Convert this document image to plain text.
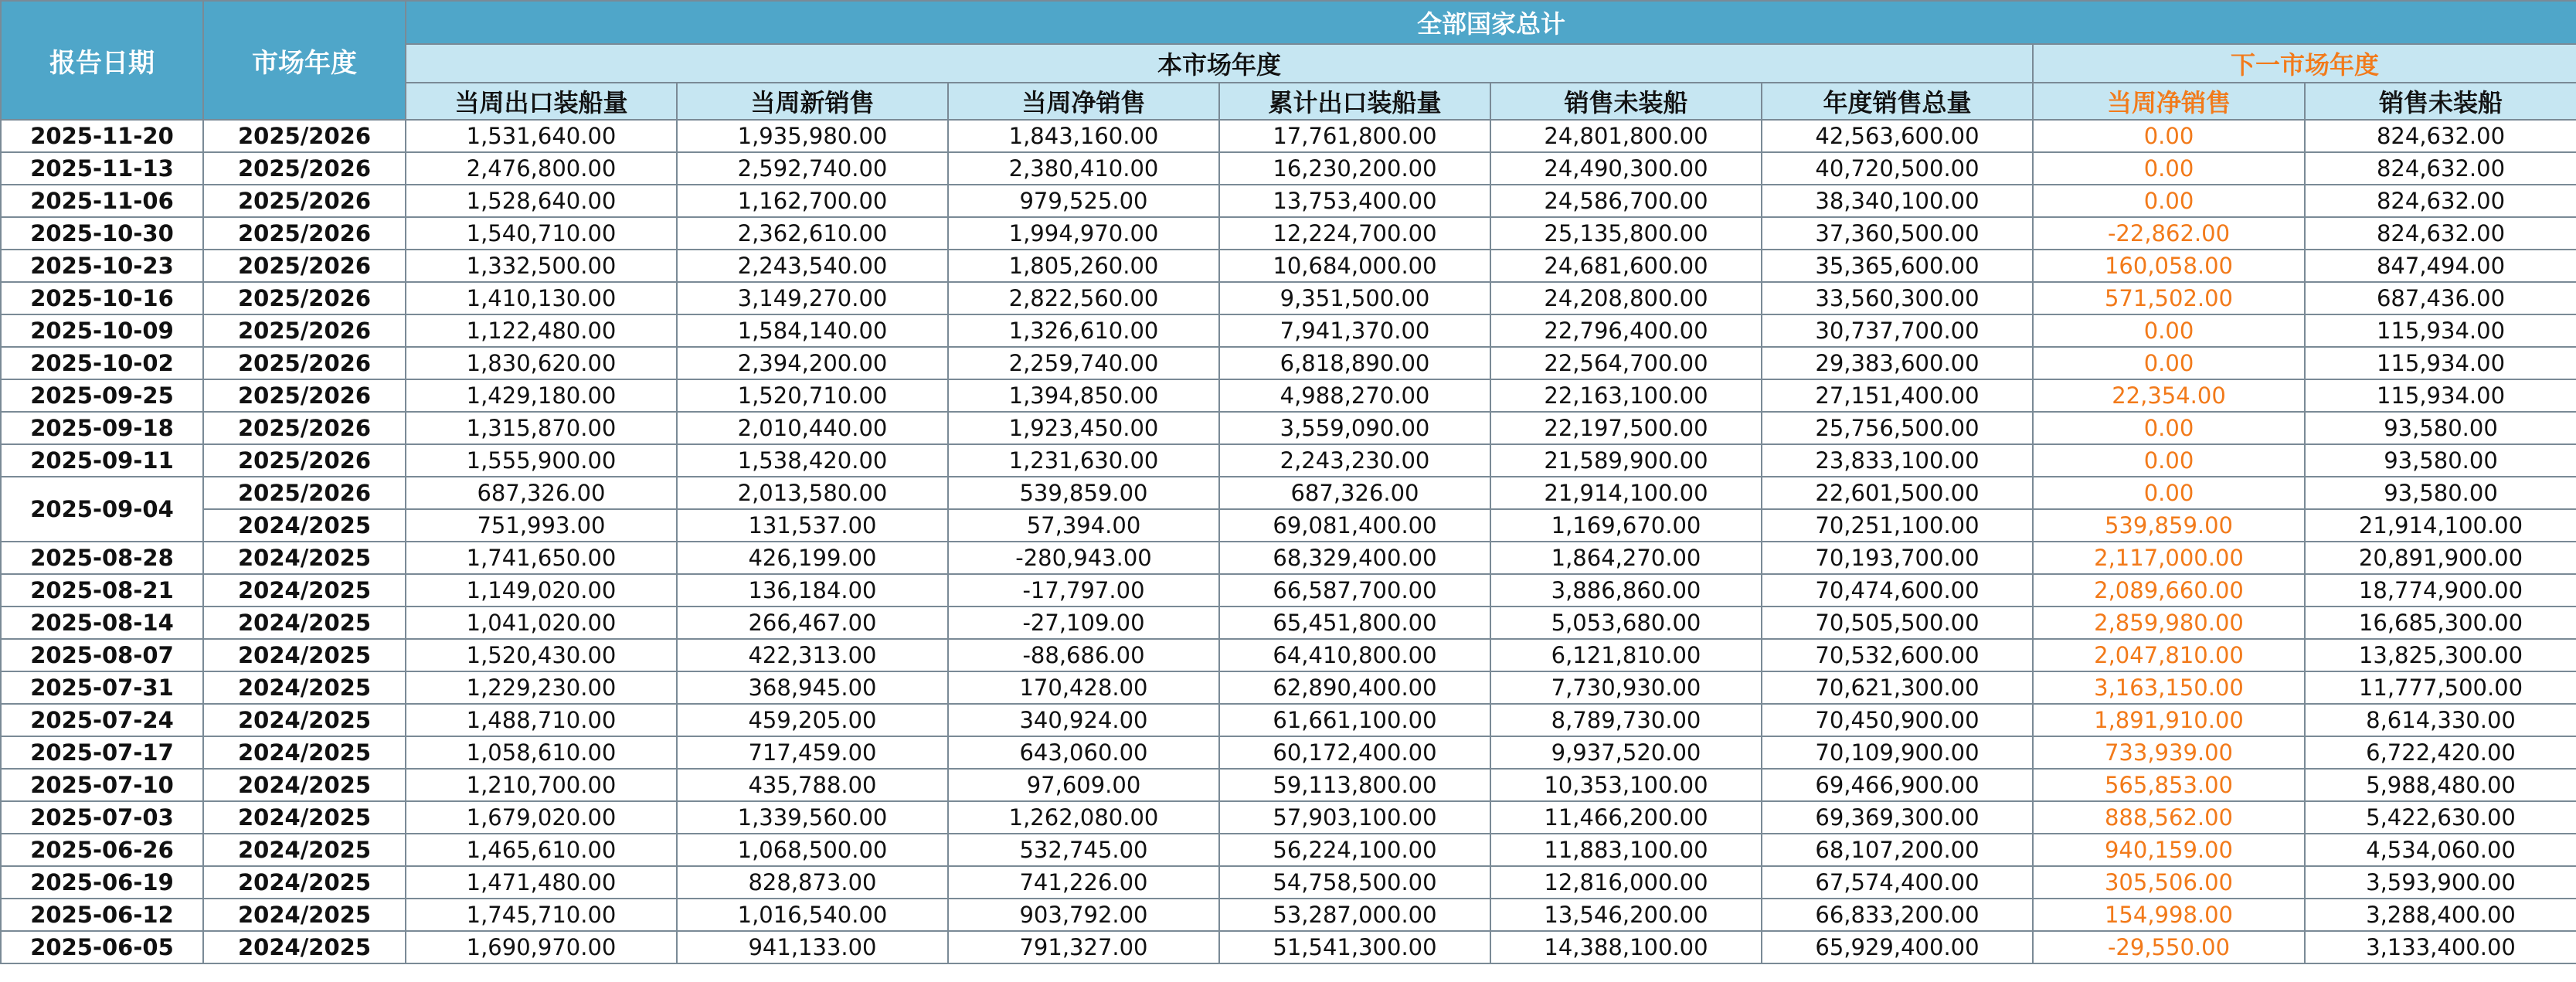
报告日期	市场年度	全部国家总计							
		本市场年度						下一市场年度	
		当周出口装船量	当周新销售	当周净销售	累计出口装船量	销售未装船	年度销售总量	当周净销售	销售未装船
2025-11-20	2025/2026	1,531,640.00	1,935,980.00	1,843,160.00	17,761,800.00	24,801,800.00	42,563,600.00	0.00	824,632.00
2025-11-13	2025/2026	2,476,800.00	2,592,740.00	2,380,410.00	16,230,200.00	24,490,300.00	40,720,500.00	0.00	824,632.00
2025-11-06	2025/2026	1,528,640.00	1,162,700.00	979,525.00	13,753,400.00	24,586,700.00	38,340,100.00	0.00	824,632.00
2025-10-30	2025/2026	1,540,710.00	2,362,610.00	1,994,970.00	12,224,700.00	25,135,800.00	37,360,500.00	-22,862.00	824,632.00
2025-10-23	2025/2026	1,332,500.00	2,243,540.00	1,805,260.00	10,684,000.00	24,681,600.00	35,365,600.00	160,058.00	847,494.00
2025-10-16	2025/2026	1,410,130.00	3,149,270.00	2,822,560.00	9,351,500.00	24,208,800.00	33,560,300.00	571,502.00	687,436.00
2025-10-09	2025/2026	1,122,480.00	1,584,140.00	1,326,610.00	7,941,370.00	22,796,400.00	30,737,700.00	0.00	115,934.00
2025-10-02	2025/2026	1,830,620.00	2,394,200.00	2,259,740.00	6,818,890.00	22,564,700.00	29,383,600.00	0.00	115,934.00
2025-09-25	2025/2026	1,429,180.00	1,520,710.00	1,394,850.00	4,988,270.00	22,163,100.00	27,151,400.00	22,354.00	115,934.00
2025-09-18	2025/2026	1,315,870.00	2,010,440.00	1,923,450.00	3,559,090.00	22,197,500.00	25,756,500.00	0.00	93,580.00
2025-09-11	2025/2026	1,555,900.00	1,538,420.00	1,231,630.00	2,243,230.00	21,589,900.00	23,833,100.00	0.00	93,580.00
2025-09-04	2025/2026	687,326.00	2,013,580.00	539,859.00	687,326.00	21,914,100.00	22,601,500.00	0.00	93,580.00
	2024/2025	751,993.00	131,537.00	57,394.00	69,081,400.00	1,169,670.00	70,251,100.00	539,859.00	21,914,100.00
2025-08-28	2024/2025	1,741,650.00	426,199.00	-280,943.00	68,329,400.00	1,864,270.00	70,193,700.00	2,117,000.00	20,891,900.00
2025-08-21	2024/2025	1,149,020.00	136,184.00	-17,797.00	66,587,700.00	3,886,860.00	70,474,600.00	2,089,660.00	18,774,900.00
2025-08-14	2024/2025	1,041,020.00	266,467.00	-27,109.00	65,451,800.00	5,053,680.00	70,505,500.00	2,859,980.00	16,685,300.00
2025-08-07	2024/2025	1,520,430.00	422,313.00	-88,686.00	64,410,800.00	6,121,810.00	70,532,600.00	2,047,810.00	13,825,300.00
2025-07-31	2024/2025	1,229,230.00	368,945.00	170,428.00	62,890,400.00	7,730,930.00	70,621,300.00	3,163,150.00	11,777,500.00
2025-07-24	2024/2025	1,488,710.00	459,205.00	340,924.00	61,661,100.00	8,789,730.00	70,450,900.00	1,891,910.00	8,614,330.00
2025-07-17	2024/2025	1,058,610.00	717,459.00	643,060.00	60,172,400.00	9,937,520.00	70,109,900.00	733,939.00	6,722,420.00
2025-07-10	2024/2025	1,210,700.00	435,788.00	97,609.00	59,113,800.00	10,353,100.00	69,466,900.00	565,853.00	5,988,480.00
2025-07-03	2024/2025	1,679,020.00	1,339,560.00	1,262,080.00	57,903,100.00	11,466,200.00	69,369,300.00	888,562.00	5,422,630.00
2025-06-26	2024/2025	1,465,610.00	1,068,500.00	532,745.00	56,224,100.00	11,883,100.00	68,107,200.00	940,159.00	4,534,060.00
2025-06-19	2024/2025	1,471,480.00	828,873.00	741,226.00	54,758,500.00	12,816,000.00	67,574,400.00	305,506.00	3,593,900.00
2025-06-12	2024/2025	1,745,710.00	1,016,540.00	903,792.00	53,287,000.00	13,546,200.00	66,833,200.00	154,998.00	3,288,400.00
2025-06-05	2024/2025	1,690,970.00	941,133.00	791,327.00	51,541,300.00	14,388,100.00	65,929,400.00	-29,550.00	3,133,400.00
